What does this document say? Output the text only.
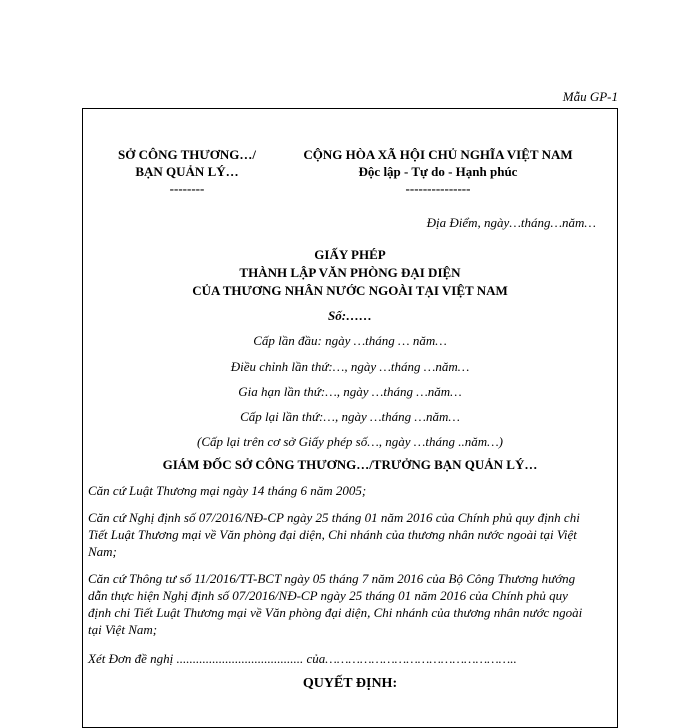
Mẫu GP-1
SỞ CÔNG THƯƠNG…/
BẠN QUẢN LÝ…
--------
CỘNG HÒA XÃ HỘI CHỦ NGHĨA VIỆT NAM
Độc lập - Tự do - Hạnh phúc
---------------
Địa Điểm, ngày…tháng…năm…
GIẤY PHÉP
THÀNH LẬP VĂN PHÒNG ĐẠI DIỆN
CỦA THƯƠNG NHÂN NƯỚC NGOÀI TẠI VIỆT NAM
Số:……
Cấp lần đầu: ngày …tháng … năm…
Điều chỉnh lần thứ:…, ngày …tháng …năm…
Gia hạn lần thứ:…, ngày …tháng …năm…
Cấp lại lần thứ:…, ngày …tháng …năm…
(Cấp lại trên cơ sở Giấy phép số…, ngày …tháng ..năm…)
GIÁM ĐỐC SỞ CÔNG THƯƠNG…/TRƯỞNG BẠN QUẢN LÝ…
Căn cứ Luật Thương mại ngày 14 tháng 6 năm 2005;
Căn cứ Nghị định số 07/2016/NĐ-CP ngày 25 tháng 01 năm 2016 của Chính phủ quy định chi
Tiết Luật Thương mại về Văn phòng đại diện, Chi nhánh của thương nhân nước ngoài tại Việt
Nam;
Căn cứ Thông tư số 11/2016/TT-BCT ngày 05 tháng 7 năm 2016 của Bộ Công Thương hướng
dẫn thực hiện Nghị định số 07/2016/NĐ-CP ngày 25 tháng 01 năm 2016 của Chính phủ quy
định chi Tiết Luật Thương mại về Văn phòng đại diện, Chi nhánh của thương nhân nước ngoài
tại Việt Nam;
Xét Đơn đề nghị ....................................... của…………………………………………..
QUYẾT ĐỊNH:
